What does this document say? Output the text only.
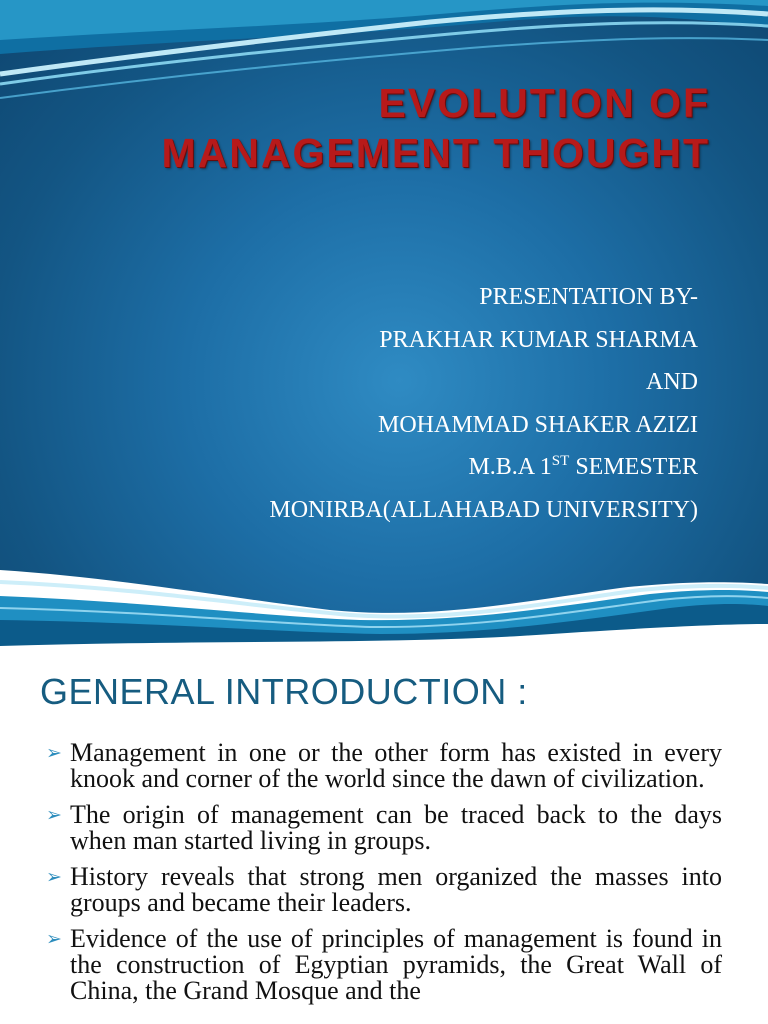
EVOLUTION OF
MANAGEMENT THOUGHT
PRESENTATION BY-
PRAKHAR KUMAR SHARMA
AND
MOHAMMAD SHAKER AZIZI
M.B.A 1ST SEMESTER
MONIRBA(ALLAHABAD UNIVERSITY)
GENERAL INTRODUCTION :
➢ Management in one or the other form has existed in every knook and corner of the world since the dawn of civilization.
➢ The origin of management can be traced back to the days when man started living in groups.
➢ History reveals that strong men organized the masses into groups and became their leaders.
➢ Evidence of the use of principles of management is found in the construction of Egyptian pyramids, the Great Wall of China, the Grand Mosque and the
